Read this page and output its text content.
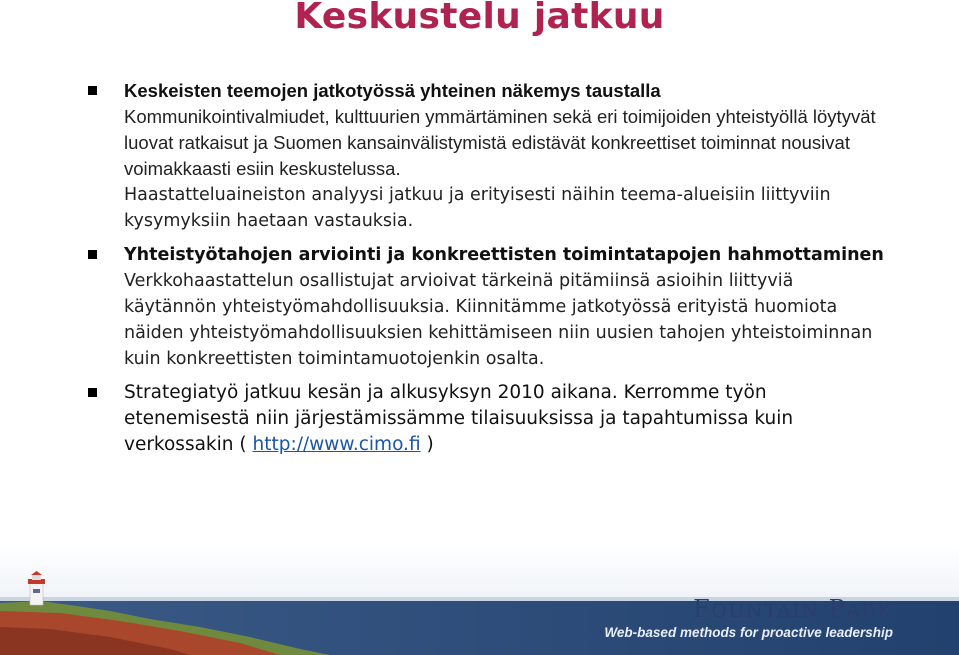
Keskustelu jatkuu
Keskeisten teemojen jatkotyössä yhteinen näkemys taustalla
Kommunikointivalmiudet, kulttuurien ymmärtäminen sekä eri toimijoiden yhteistyöllä löytyvät luovat ratkaisut ja Suomen kansainvälistymistä edistävät konkreettiset toiminnat nousivat voimakkaasti esiin keskustelussa.
Haastatteluaineiston analyysi jatkuu ja erityisesti näihin teema-alueisiin liittyviin kysymyksiin haetaan vastauksia.
Yhteistyötahojen arviointi ja konkreettisten toimintatapojen hahmottaminen
Verkkohaastattelun osallistujat arvioivat tärkeinä pitämiinsä asioihin liittyviä käytännön yhteistyömahdollisuuksia. Kiinnitämme jatkotyössä erityistä huomiota näiden yhteistyömahdollisuuksien kehittämiseen niin uusien tahojen yhteistoiminnan kuin konkreettisten toimintamuotojenkin osalta.
Strategiatyö jatkuu kesän ja alkusyksyn 2010 aikana. Kerromme työn etenemisestä niin järjestämissämme tilaisuuksissa ja tapahtumissa kuin verkossakin ( http://www.cimo.fi )
FOUNTAIN PARK
Web-based methods for proactive leadership
